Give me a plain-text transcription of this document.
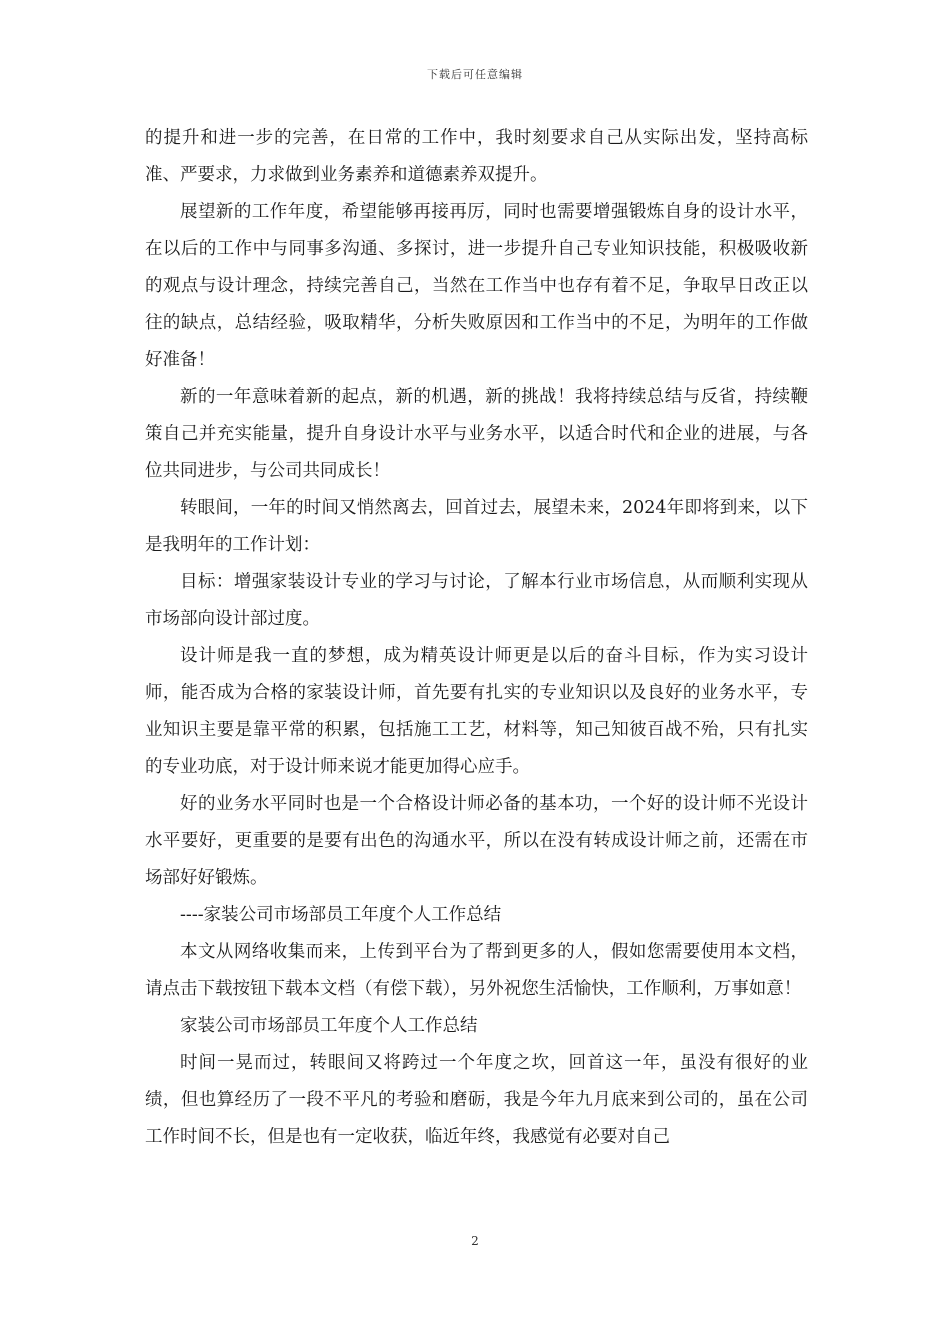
下载后可任意编辑

的提升和进一步的完善，在日常的工作中，我时刻要求自己从实际出发，坚持高标准、严要求，力求做到业务素养和道德素养双提升。

展望新的工作年度，希望能够再接再厉，同时也需要增强锻炼自身的设计水平，在以后的工作中与同事多沟通、多探讨，进一步提升自己专业知识技能，积极吸收新的观点与设计理念，持续完善自己，当然在工作当中也存有着不足，争取早日改正以往的缺点，总结经验，吸取精华，分析失败原因和工作当中的不足，为明年的工作做好准备！

新的一年意味着新的起点，新的机遇，新的挑战！我将持续总结与反省，持续鞭策自己并充实能量，提升自身设计水平与业务水平，以适合时代和企业的进展，与各位共同进步，与公司共同成长！

转眼间，一年的时间又悄然离去，回首过去，展望未来，2024年即将到来，以下是我明年的工作计划：

目标：增强家装设计专业的学习与讨论，了解本行业市场信息，从而顺利实现从市场部向设计部过度。

设计师是我一直的梦想，成为精英设计师更是以后的奋斗目标，作为实习设计师，能否成为合格的家装设计师，首先要有扎实的专业知识以及良好的业务水平，专业知识主要是靠平常的积累，包括施工工艺，材料等，知己知彼百战不殆，只有扎实的专业功底，对于设计师来说才能更加得心应手。

好的业务水平同时也是一个合格设计师必备的基本功，一个好的设计师不光设计水平要好，更重要的是要有出色的沟通水平，所以在没有转成设计师之前，还需在市场部好好锻炼。

----家装公司市场部员工年度个人工作总结

本文从网络收集而来，上传到平台为了帮到更多的人，假如您需要使用本文档，请点击下载按钮下载本文档（有偿下载），另外祝您生活愉快，工作顺利，万事如意！

家装公司市场部员工年度个人工作总结

时间一晃而过，转眼间又将跨过一个年度之坎，回首这一年，虽没有很好的业绩，但也算经历了一段不平凡的考验和磨砺，我是今年九月底来到公司的，虽在公司工作时间不长，但是也有一定收获，临近年终，我感觉有必要对自己

2
